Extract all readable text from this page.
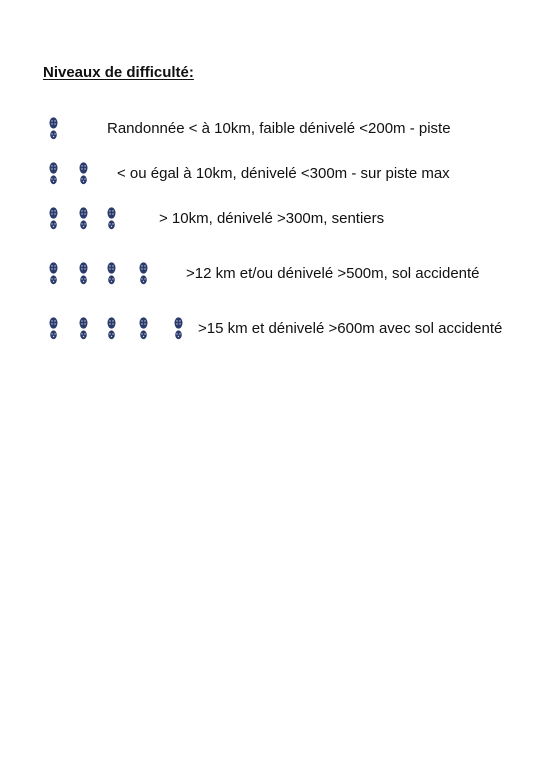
Niveaux de difficulté:
Randonnée < à 10km, faible dénivelé <200m - piste
< ou égal à 10km, dénivelé <300m - sur piste max
> 10km, dénivelé >300m, sentiers
>12 km et/ou dénivelé >500m, sol accidenté
>15 km et dénivelé >600m avec sol accidenté
